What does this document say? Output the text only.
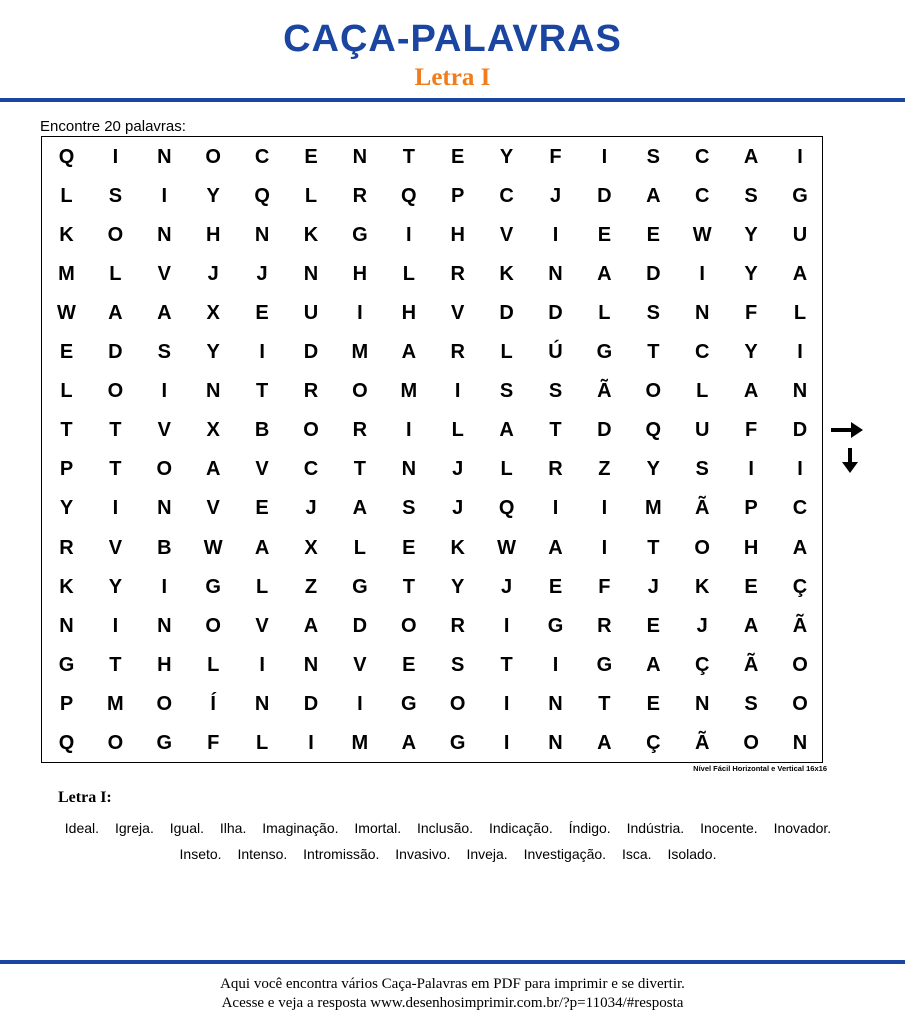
CAÇA-PALAVRAS
Letra I
Encontre 20 palavras:
Q	I	N	O	C	E	N	T	E	Y	F	I	S	C	A	I
L	S	I	Y	Q	L	R	Q	P	C	J	D	A	C	S	G
K	O	N	H	N	K	G	I	H	V	I	E	E	W	Y	U
M	L	V	J	J	N	H	L	R	K	N	A	D	I	Y	A
W	A	A	X	E	U	I	H	V	D	D	L	S	N	F	L
E	D	S	Y	I	D	M	A	R	L	Ú	G	T	C	Y	I
L	O	I	N	T	R	O	M	I	S	S	Ã	O	L	A	N
T	T	V	X	B	O	R	I	L	A	T	D	Q	U	F	D
P	T	O	A	V	C	T	N	J	L	R	Z	Y	S	I	I
Y	I	N	V	E	J	A	S	J	Q	I	I	M	Ã	P	C
R	V	B	W	A	X	L	E	K	W	A	I	T	O	H	A
K	Y	I	G	L	Z	G	T	Y	J	E	F	J	K	E	Ç
N	I	N	O	V	A	D	O	R	I	G	R	E	J	A	Ã
G	T	H	L	I	N	V	E	S	T	I	G	A	Ç	Ã	O
P	M	O	Í	N	D	I	G	O	I	N	T	E	N	S	O
Q	O	G	F	L	I	M	A	G	I	N	A	Ç	Ã	O	N
Nível Fácil Horizontal e Vertical 16x16
Letra I:
Ideal. Igreja. Igual. Ilha. Imaginação. Imortal. Inclusão. Indicação. Índigo. Indústria. Inocente. Inovador. Inseto. Intenso. Intromissão. Invasivo. Inveja. Investigação. Isca. Isolado.
Aqui você encontra vários Caça-Palavras em PDF para imprimir e se divertir.
Acesse e veja a resposta www.desenhosimprimir.com.br/?p=11034/#resposta
